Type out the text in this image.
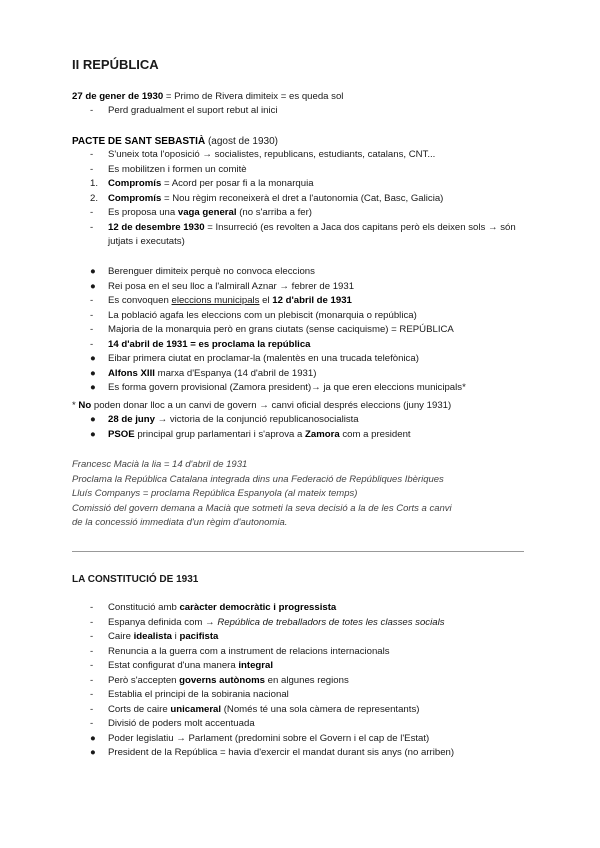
II REPÚBLICA
27 de gener de 1930 = Primo de Rivera dimiteix = es queda sol
-	Perd gradualment el suport rebut al inici
PACTE DE SANT SEBASTIÀ (agost de 1930)
-	S'uneix tota l'oposició → socialistes, republicans, estudiants, catalans, CNT...
-	Es mobilitzen i formen un comitè
1.	Compromís = Acord per posar fi a la monarquia
2.	Compromís = Nou règim reconeixerà el dret a l'autonomia (Cat, Basc, Galicia)
-	Es proposa una vaga general (no s'arriba a fer)
-	12 de desembre 1930 = Insurreció (es revolten a Jaca dos capitans però els deixen sols → són jutjats i executats)
●	Berenguer dimiteix perquè no convoca eleccions
●	Rei posa en el seu lloc a l'almirall Aznar → febrer de 1931
-	Es convoquen eleccions municipals el 12 d'abril de 1931
-	La població agafa les eleccions com un plebiscit (monarquia o república)
-	Majoria de la monarquia però en grans ciutats (sense caciquisme) = REPÚBLICA
-	14 d'abril de 1931 = es proclama la república
●	Eibar primera ciutat en proclamar-la (malentès en una trucada telefònica)
●	Alfons XIII marxa d'Espanya (14 d'abril de 1931)
●	Es forma govern provisional (Zamora president)→ ja que eren eleccions municipals*
* No poden donar lloc a un canvi de govern → canvi oficial després eleccions (juny 1931)
●	28 de juny → victoria de la conjunció republicanosocialista
●	PSOE principal grup parlamentari i s'aprova a Zamora com a president
Francesc Macià la lia = 14 d'abril de 1931
Proclama la República Catalana integrada dins una Federació de Repúbliques Ibèriques
Lluís Companys = proclama República Espanyola (al mateix temps)
Comissió del govern demana a Macià que sotmeti la seva decisió a la de les Corts a canvi
de la concessió immediata d'un règim d'autonomia.
LA CONSTITUCIÓ DE 1931
-	Constitució amb caràcter democràtic i progressista
-	Espanya definida com → República de treballadors de totes les classes socials
-	Caire idealista i pacifista
-	Renuncia a la guerra com a instrument de relacions internacionals
-	Estat configurat d'una manera integral
-	Però s'accepten governs autònoms en algunes regions
-	Establia el principi de la sobirania nacional
-	Corts de caire unicameral (Només té una sola càmera de representants)
-	Divisió de poders molt accentuada
●	Poder legislatiu → Parlament (predomini sobre el Govern i el cap de l'Estat)
●	President de la República = havia d'exercir el mandat durant sis anys (no arriben)
